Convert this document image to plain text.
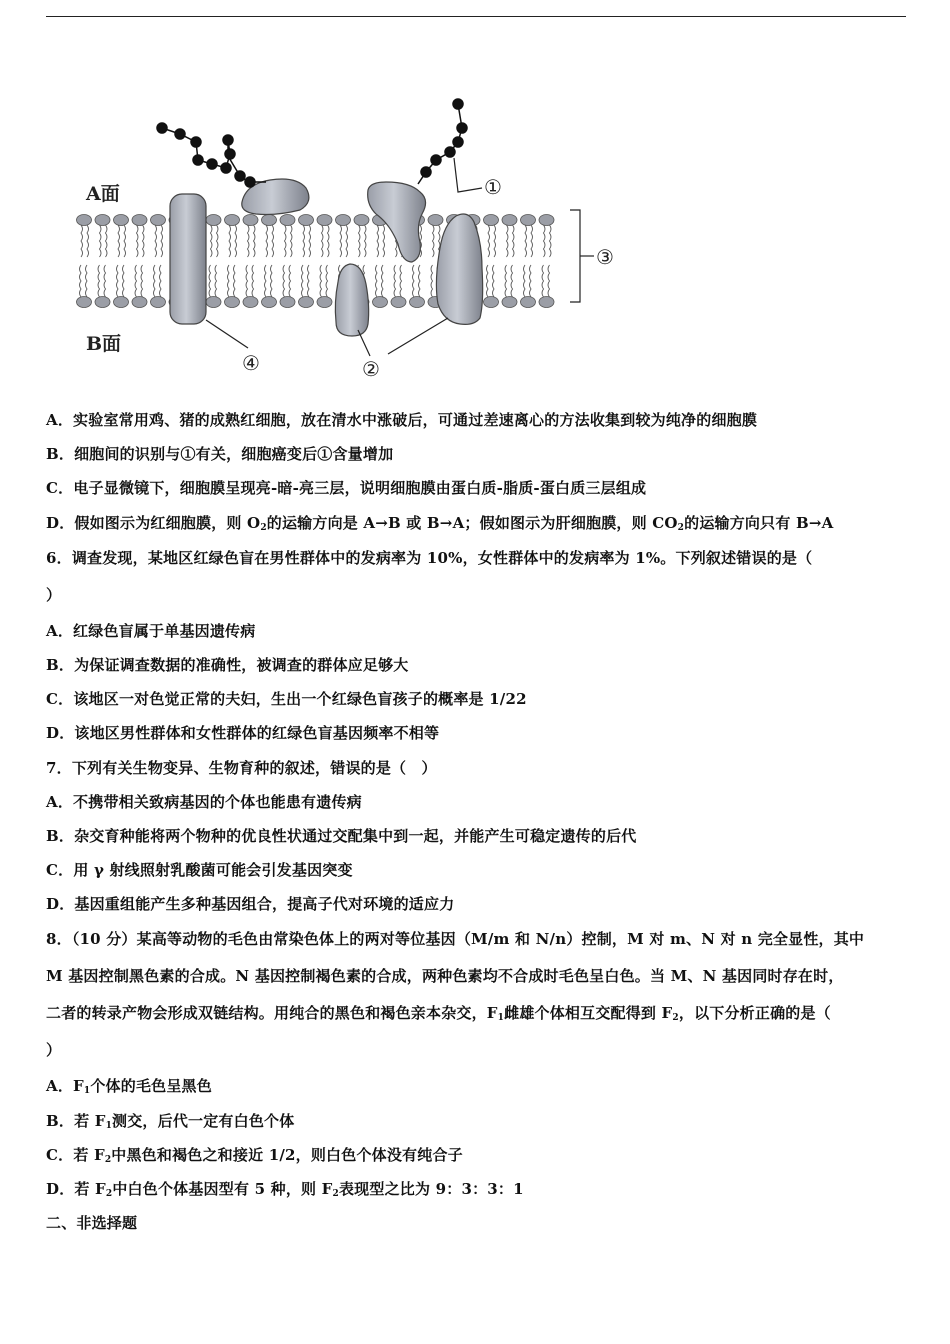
A面
B面
①
③
④	②
A．实验室常用鸡、猪的成熟红细胞，放在清水中涨破后，可通过差速离心的方法收集到较为纯净的细胞膜
B．细胞间的识别与①有关，细胞癌变后①含量增加
C．电子显微镜下，细胞膜呈现亮-暗-亮三层，说明细胞膜由蛋白质-脂质-蛋白质三层组成
D．假如图示为红细胞膜，则 $O_2$的运输方向是 A→B 或 B→A；假如图示为肝细胞膜，则 $CO_2$的运输方向只有 B→A
6．调查发现，某地区红绿色盲在男性群体中的发病率为 10%，女性群体中的发病率为 1%。下列叙述错误的是（
）
A．红绿色盲属于单基因遗传病
B．为保证调查数据的准确性，被调查的群体应足够大
C．该地区一对色觉正常的夫妇，生出一个红绿色盲孩子的概率是 1/22
D．该地区男性群体和女性群体的红绿色盲基因频率不相等
7．下列有关生物变异、生物育种的叙述，错误的是（　）
A．不携带相关致病基因的个体也能患有遗传病
B．杂交育种能将两个物种的优良性状通过交配集中到一起，并能产生可稳定遗传的后代
C．用 γ 射线照射乳酸菌可能会引发基因突变
D．基因重组能产生多种基因组合，提高子代对环境的适应力
8．（10 分）某高等动物的毛色由常染色体上的两对等位基因（M/m 和 N/n）控制，M 对 m、N 对 n 完全显性，其中
M 基因控制黑色素的合成。N 基因控制褐色素的合成，两种色素均不合成时毛色呈白色。当 M、N 基因同时存在时，
二者的转录产物会形成双链结构。用纯合的黑色和褐色亲本杂交，$F_1$雌雄个体相互交配得到 $F_2$，以下分析正确的是（
）
A．$F_1$个体的毛色呈黑色
B．若 $F_1$测交，后代一定有白色个体
C．若 $F_2$中黑色和褐色之和接近 1/2，则白色个体没有纯合子
D．若 $F_2$中白色个体基因型有 5 种，则 $F_2$表现型之比为 9：3：3：1
二、非选择题
